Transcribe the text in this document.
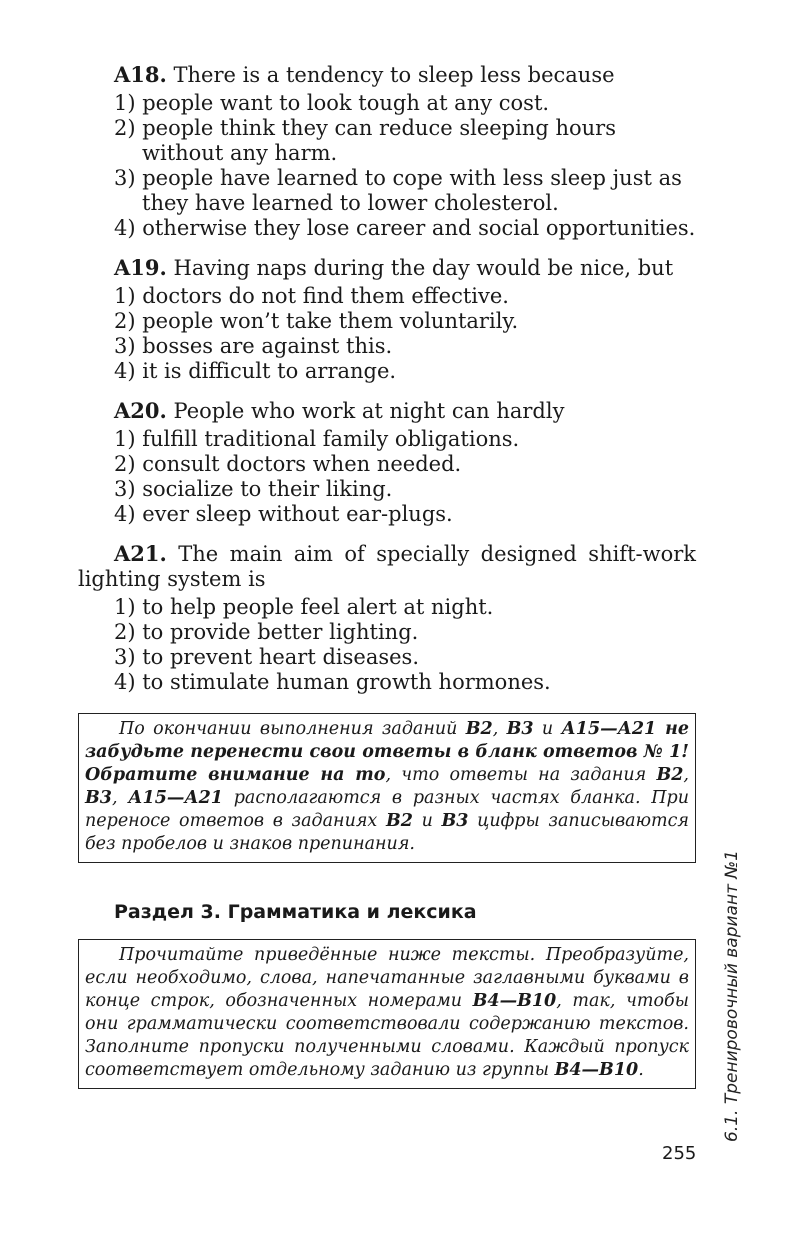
A18. There is a tendency to sleep less because

1) people want to look tough at any cost.

2) people think they can reduce sleeping hours without any harm.

3) people have learned to cope with less sleep just as they have learned to lower cholesterol.

4) otherwise they lose career and social opportunities.

A19. Having naps during the day would be nice, but

1) doctors do not find them effective.

2) people won’t take them voluntarily.

3) bosses are against this.

4) it is difficult to arrange.

A20. People who work at night can hardly

1) fulfill traditional family obligations.

2) consult doctors when needed.

3) socialize to their liking.

4) ever sleep without ear-plugs.

A21. The main aim of specially designed shift-work lighting system is

1) to help people feel alert at night.

2) to provide better lighting.

3) to prevent heart diseases.

4) to stimulate human growth hormones.

По окончании выполнения заданий В2, В3 и А15—А21 не забудьте перенести свои ответы в бланк ответов № 1! Обратите внимание на то, что ответы на задания В2, В3, А15—А21 располагаются в разных частях бланка. При переносе ответов в заданиях В2 и В3 цифры записываются без пробелов и знаков препинания.

Раздел 3. Грамматика и лексика

Прочитайте приведённые ниже тексты. Преобразуйте, если необходимо, слова, напечатанные заглавными буквами в конце строк, обозначенных номерами В4—В10, так, чтобы они грамматически соответствовали содержанию текстов. Заполните пропуски полученными словами. Каждый пропуск соответствует отдельному заданию из группы В4—В10.	6.1. Тренировочный вариант №1
255
